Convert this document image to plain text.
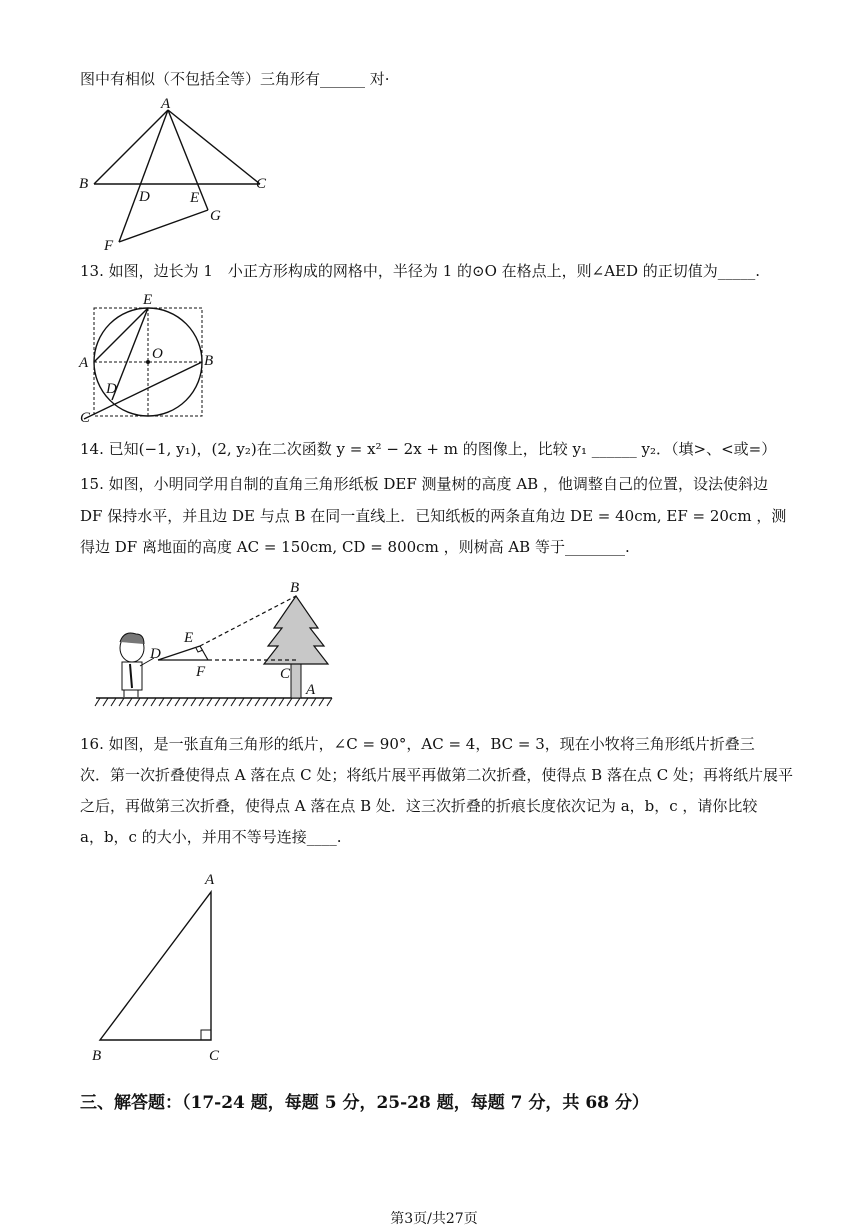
图中有相似（不包括全等）三角形有______ 对·
A
B	C
D	E
F
G
13. 如图，边长为 1　小正方形构成的网格中，半径为 1 的⊙O 在格点上，则∠AED 的正切值为_____.
E
A	B
O
D
C
14. 已知(−1, y₁)，(2, y₂)在二次函数 y = x² − 2x + m 的图像上，比较 y₁ ______ y₂．（填>、<或=）
15. 如图，小明同学用自制的直角三角形纸板 DEF 测量树的高度 AB ，他调整自己的位置，设法使斜边
DF 保持水平，并且边 DE 与点 B 在同一直线上．已知纸板的两条直角边 DE = 40cm, EF = 20cm ，测
得边 DF 离地面的高度 AC = 150cm, CD = 800cm ，则树高 AB 等于________.
B
E
D
F	C
A
16. 如图，是一张直角三角形的纸片，∠C = 90°，AC = 4，BC = 3，现在小牧将三角形纸片折叠三
次．第一次折叠使得点 A 落在点 C 处；将纸片展平再做第二次折叠，使得点 B 落在点 C 处；再将纸片展平
之后，再做第三次折叠，使得点 A 落在点 B 处．这三次折叠的折痕长度依次记为 a，b，c ，请你比较
a，b，c 的大小，并用不等号连接____.
A
B	C
三、解答题：（17-24 题，每题 5 分，25-28 题，每题 7 分，共 68 分）
第3页/共27页
